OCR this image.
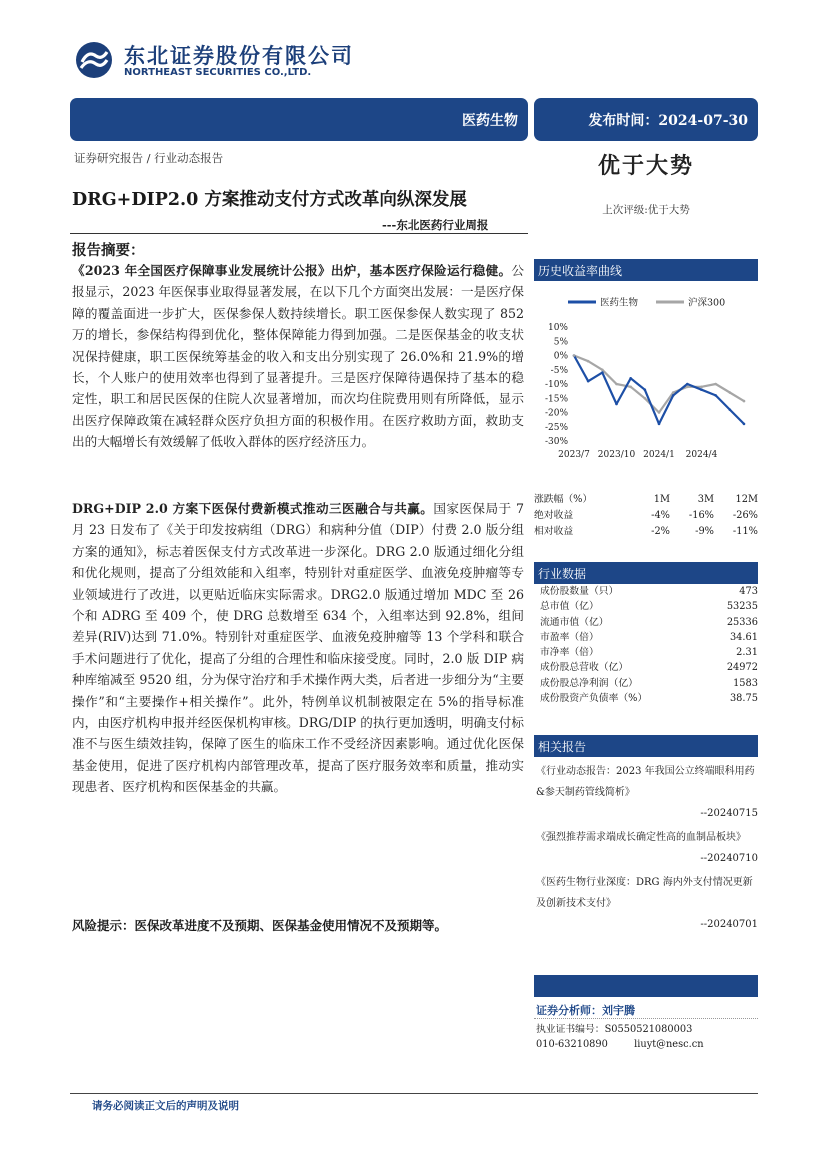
东北证券股份有限公司
NORTHEAST SECURITIES CO.,LTD.
医药生物	发布时间：2024-07-30
证券研究报告 / 行业动态报告	优于大势
上次评级:优于大势
DRG+DIP2.0 方案推动支付方式改革向纵深发展
---东北医药行业周报
报告摘要：
《2023 年全国医疗保障事业发展统计公报》出炉，基本医疗保险运行稳健。公报显示，2023 年医保事业取得显著发展，在以下几个方面突出发展：一是医疗保障的覆盖面进一步扩大，医保参保人数持续增长。职工医保参保人数实现了 852 万的增长，参保结构得到优化，整体保障能力得到加强。二是医保基金的收支状况保持健康，职工医保统筹基金的收入和支出分别实现了 26.0%和 21.9%的增长，个人账户的使用效率也得到了显著提升。三是医疗保障待遇保持了基本的稳定性，职工和居民医保的住院人次显著增加，而次均住院费用则有所降低，显示出医疗保障政策在减轻群众医疗负担方面的积极作用。在医疗救助方面，救助支出的大幅增长有效缓解了低收入群体的医疗经济压力。
DRG+DIP 2.0 方案下医保付费新模式推动三医融合与共赢。国家医保局于 7 月 23 日发布了《关于印发按病组（DRG）和病种分值（DIP）付费 2.0 版分组方案的通知》，标志着医保支付方式改革进一步深化。DRG 2.0 版通过细化分组和优化规则，提高了分组效能和入组率，特别针对重症医学、血液免疫肿瘤等专业领域进行了改进，以更贴近临床实际需求。DRG2.0 版通过增加 MDC 至 26 个和 ADRG 至 409 个，使 DRG 总数增至 634 个，入组率达到 92.8%，组间差异(RIV)达到 71.0%。特别针对重症医学、血液免疫肿瘤等 13 个学科和联合手术问题进行了优化，提高了分组的合理性和临床接受度。同时，2.0 版 DIP 病种库缩减至 9520 组，分为保守治疗和手术操作两大类，后者进一步细分为“主要操作”和“主要操作+相关操作”。此外，特例单议机制被限定在 5%的指导标准内，由医疗机构申报并经医保机构审核。DRG/DIP 的执行更加透明，明确支付标准不与医生绩效挂钩，保障了医生的临床工作不受经济因素影响。通过优化医保基金使用，促进了医疗机构内部管理改革，提高了医疗服务效率和质量，推动实现患者、医疗机构和医保基金的共赢。
风险提示：医保改革进度不及预期、医保基金使用情况不及预期等。
历史收益率曲线
医药生物	沪深300
10%
5%
0%
-5%
-10%
-15%
-20%
-25%
-30%
2023/7 2023/10 2024/1 2024/4
涨跌幅（%）	1M	3M	12M
绝对收益	-4%	-16%	-26%
相对收益	-2%	-9%	-11%
行业数据
成份股数量（只）	473
总市值（亿）	53235
流通市值（亿）	25336
市盈率（倍）	34.61
市净率（倍）	2.31
成份股总营收（亿）	24972
成份股总净利润（亿）	1583
成份股资产负债率（%）	38.75
相关报告
《行业动态报告：2023 年我国公立终端眼科用药&参天制药管线简析》
--20240715
《强烈推荐需求端成长确定性高的血制品板块》
--20240710
《医药生物行业深度：DRG 海内外支付情况更新及创新技术支付》
--20240701
证券分析师：刘宇腾
执业证书编号：S0550521080003
010-63210890	liuyt@nesc.cn
请务必阅读正文后的声明及说明
